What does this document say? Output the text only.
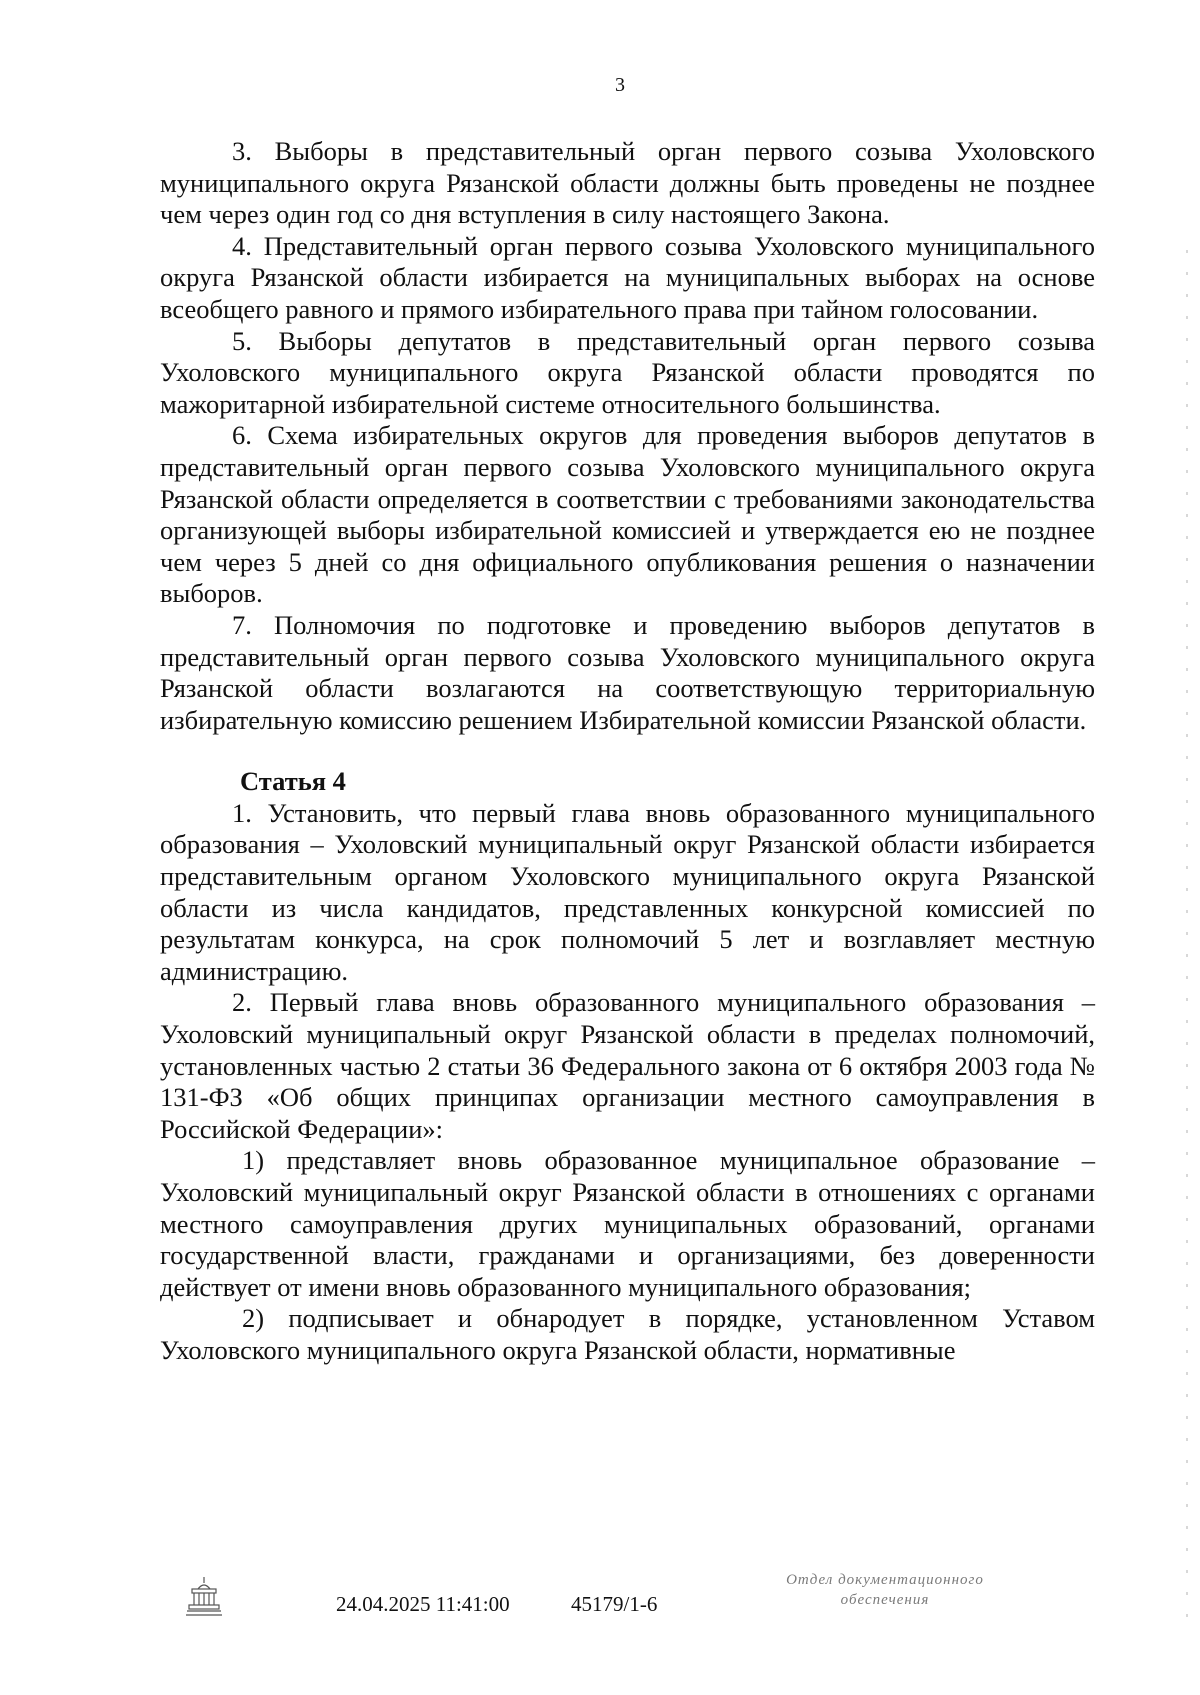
3

3. Выборы в представительный орган первого созыва Ухоловского муниципального округа Рязанской области должны быть проведены не позднее чем через один год со дня вступления в силу настоящего Закона.

4. Представительный орган первого созыва Ухоловского муниципального округа Рязанской области избирается на муниципальных выборах на основе всеобщего равного и прямого избирательного права при тайном голосовании.

5. Выборы депутатов в представительный орган первого созыва Ухоловского муниципального округа Рязанской области проводятся по мажоритарной избирательной системе относительного большинства.

6. Схема избирательных округов для проведения выборов депутатов в представительный орган первого созыва Ухоловского муниципального округа Рязанской области определяется в соответствии с требованиями законодательства организующей выборы избирательной комиссией и утверждается ею не позднее чем через 5 дней со дня официального опубликования решения о назначении выборов.

7. Полномочия по подготовке и проведению выборов депутатов в представительный орган первого созыва Ухоловского муниципального округа Рязанской области возлагаются на соответствующую территориальную избирательную комиссию решением Избирательной комиссии Рязанской области.

Статья 4

1. Установить, что первый глава вновь образованного муниципального образования – Ухоловский муниципальный округ Рязанской области избирается представительным органом Ухоловского муниципального округа Рязанской области из числа кандидатов, представленных конкурсной комиссией по результатам конкурса, на срок полномочий 5 лет и возглавляет местную администрацию.

2. Первый глава вновь образованного муниципального образования – Ухоловский муниципальный округ Рязанской области в пределах полномочий, установленных частью 2 статьи 36 Федерального закона от 6 октября 2003 года № 131-ФЗ «Об общих принципах организации местного самоуправления в Российской Федерации»:

1) представляет вновь образованное муниципальное образование – Ухоловский муниципальный округ Рязанской области в отношениях с органами местного самоуправления других муниципальных образований, органами государственной власти, гражданами и организациями, без доверенности действует от имени вновь образованного муниципального образования;

2) подписывает и обнародует в порядке, установленном Уставом Ухоловского муниципального округа Рязанской области, нормативные

24.04.2025 11:41:00	45179/1-6
Отдел документационного
обеспечения
